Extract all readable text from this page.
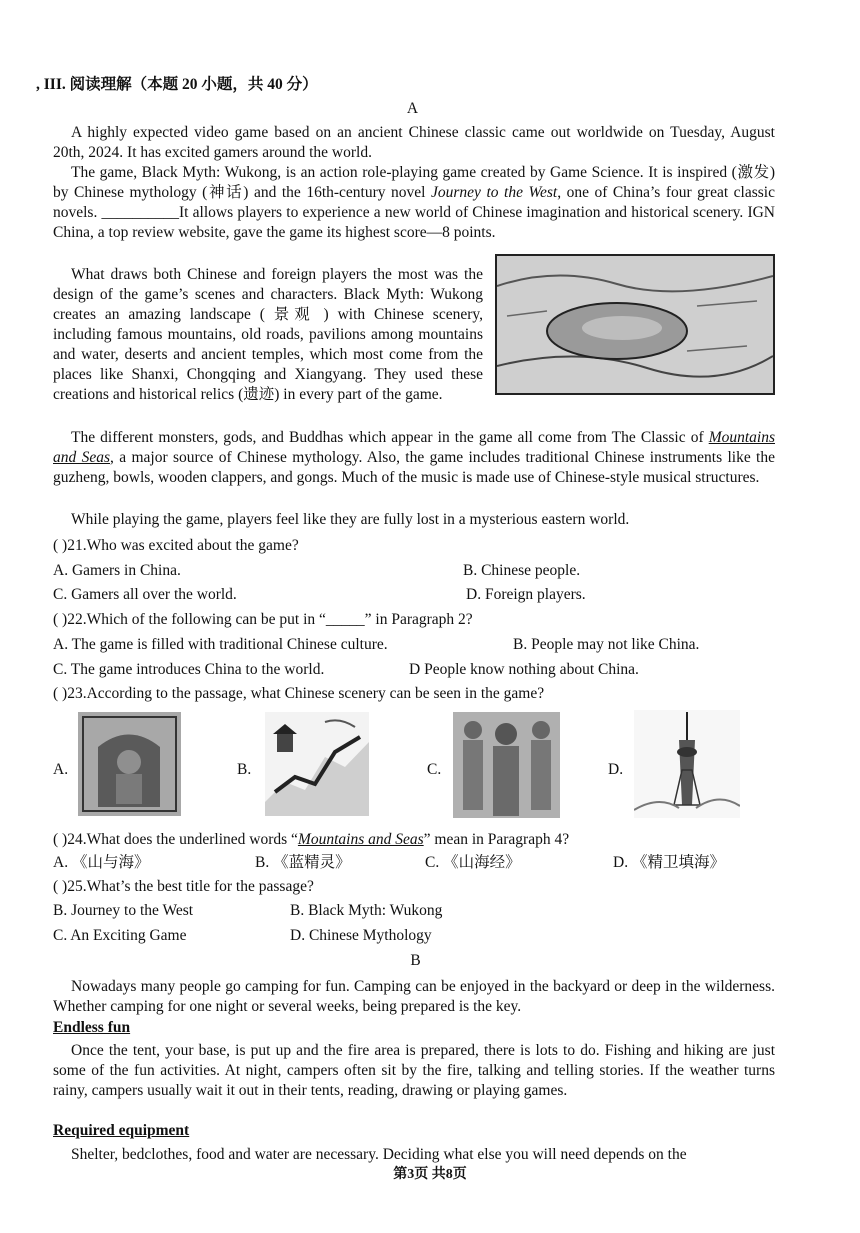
, III. 阅读理解（本题 20 小题，共 40 分）
A
A highly expected video game based on an ancient Chinese classic came out worldwide on Tuesday, August 20th, 2024. It has excited gamers around the world.
The game, Black Myth: Wukong, is an action role-playing game created by Game Science. It is inspired (激发) by Chinese mythology (神话) and the 16th-century novel Journey to the West, one of China’s four great classic novels. __________It allows players to experience a new world of Chinese imagination and historical scenery. IGN China, a top review website, gave the game its highest score—8 points.
What draws both Chinese and foreign players the most was the design of the game’s scenes and characters. Black Myth: Wukong creates an amazing landscape ( 景观 ) with Chinese scenery, including famous mountains, old roads, pavilions among mountains and water, deserts and ancient temples, which most come from the places like Shanxi, Chongqing and Xiangyang. They used these creations and historical relics (遗迹) in every part of the game.
The different monsters, gods, and Buddhas which appear in the game all come from The Classic of Mountains and Seas, a major source of Chinese mythology. Also, the game includes traditional Chinese instruments like the guzheng, bowls, wooden clappers, and gongs. Much of the music is made use of Chinese-style musical structures.
While playing the game, players feel like they are fully lost in a mysterious eastern world.
( )21.Who was excited about the game?
A. Gamers in China.	B. Chinese people.
C. Gamers all over the world.	D. Foreign players.
( )22.Which of the following can be put in “_____” in Paragraph 2?
A. The game is filled with traditional Chinese culture.	B. People may not like China.
C. The game introduces China to the world.	D People know nothing about China.
( )23.According to the passage, what Chinese scenery can be seen in the game?
A.	B.	C.	D.
( )24.What does the underlined words “Mountains and Seas” mean in Paragraph 4?
A. 《山与海》	B. 《蓝精灵》	C. 《山海经》	D. 《精卫填海》
( )25.What’s the best title for the passage?
B. Journey to the West	B. Black Myth: Wukong
C. An Exciting Game	D. Chinese Mythology
B
Nowadays many people go camping for fun. Camping can be enjoyed in the backyard or deep in the wilderness. Whether camping for one night or several weeks, being prepared is the key.
Endless fun
Once the tent, your base, is put up and the fire area is prepared, there is lots to do. Fishing and hiking are just some of the fun activities. At night, campers often sit by the fire, talking and telling stories. If the weather turns rainy, campers usually wait it out in their tents, reading, drawing or playing games.
Required equipment
Shelter, bedclothes, food and water are necessary. Deciding what else you will need depends on the
第3页 共8页
